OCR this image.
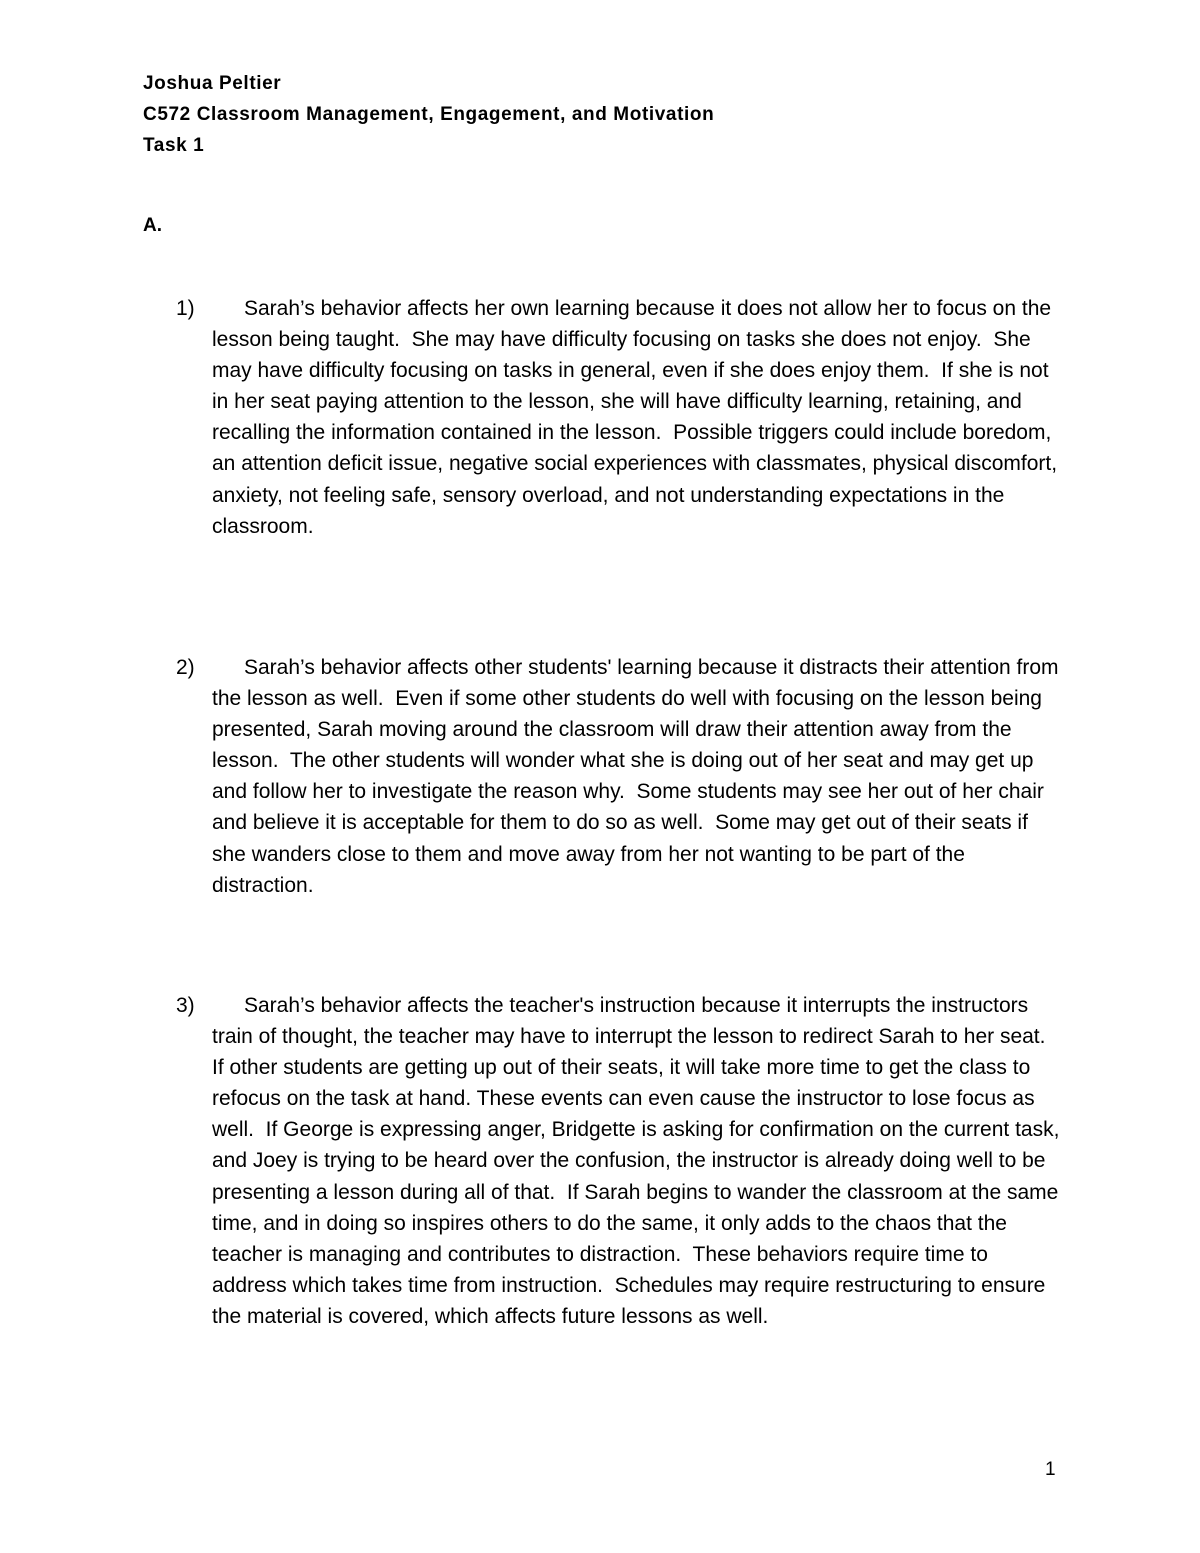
Joshua Peltier
C572 Classroom Management, Engagement, and Motivation
Task 1
A.
1)	Sarah’s behavior affects her own learning because it does not allow her to focus on the lesson being taught.  She may have difficulty focusing on tasks she does not enjoy.  She may have difficulty focusing on tasks in general, even if she does enjoy them.  If she is not in her seat paying attention to the lesson, she will have difficulty learning, retaining, and recalling the information contained in the lesson.  Possible triggers could include boredom, an attention deficit issue, negative social experiences with classmates, physical discomfort, anxiety, not feeling safe, sensory overload, and not understanding expectations in the classroom.
2)	Sarah’s behavior affects other students' learning because it distracts their attention from the lesson as well.  Even if some other students do well with focusing on the lesson being presented, Sarah moving around the classroom will draw their attention away from the lesson.  The other students will wonder what she is doing out of her seat and may get up and follow her to investigate the reason why.  Some students may see her out of her chair and believe it is acceptable for them to do so as well.  Some may get out of their seats if she wanders close to them and move away from her not wanting to be part of the distraction.
3)	Sarah’s behavior affects the teacher's instruction because it interrupts the instructors train of thought, the teacher may have to interrupt the lesson to redirect Sarah to her seat.  If other students are getting up out of their seats, it will take more time to get the class to refocus on the task at hand. These events can even cause the instructor to lose focus as well.  If George is expressing anger, Bridgette is asking for confirmation on the current task, and Joey is trying to be heard over the confusion, the instructor is already doing well to be presenting a lesson during all of that.  If Sarah begins to wander the classroom at the same time, and in doing so inspires others to do the same, it only adds to the chaos that the teacher is managing and contributes to distraction.  These behaviors require time to address which takes time from instruction.  Schedules may require restructuring to ensure the material is covered, which affects future lessons as well.
1
